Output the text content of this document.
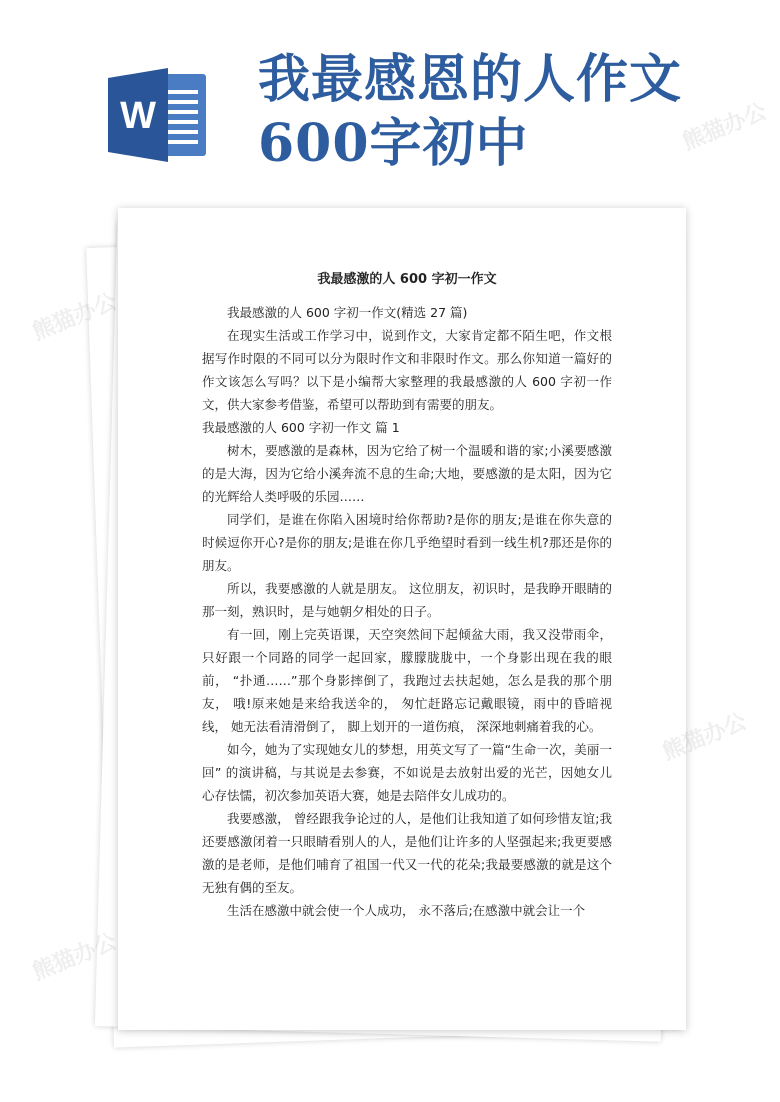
W
我最感恩的人作文
600字初中
我最感激的人 600 字初一作文

我最感激的人 600 字初一作文(精选 27 篇)

在现实生活或工作学习中，说到作文，大家肯定都不陌生吧，作文根据写作时限的不同可以分为限时作文和非限时作文。那么你知道一篇好的作文该怎么写吗？以下是小编帮大家整理的我最感激的人 600 字初一作文，供大家参考借鉴，希望可以帮助到有需要的朋友。

我最感激的人 600 字初一作文 篇 1

树木，要感激的是森林，因为它给了树一个温暖和谐的家;小溪要感激的是大海，因为它给小溪奔流不息的生命;大地，要感激的是太阳，因为它的光辉给人类呼吸的乐园……

同学们，是谁在你陷入困境时给你帮助?是你的朋友;是谁在你失意的时候逗你开心?是你的朋友;是谁在你几乎绝望时看到一线生机?那还是你的朋友。

所以，我要感激的人就是朋友。 这位朋友，初识时，是我睁开眼睛的那一刻，熟识时，是与她朝夕相处的日子。

有一回，刚上完英语课，天空突然间下起倾盆大雨，我又没带雨伞，只好跟一个同路的同学一起回家，朦朦胧胧中，一个身影出现在我的眼前， “扑通……”那个身影摔倒了，我跑过去扶起她，怎么是我的那个朋友， 哦!原来她是来给我送伞的， 匆忙赶路忘记戴眼镜，雨中的昏暗视线， 她无法看清滑倒了， 脚上划开的一道伤痕， 深深地刺痛着我的心。

如今，她为了实现她女儿的梦想，用英文写了一篇“生命一次，美丽一回” 的演讲稿，与其说是去参赛，不如说是去放射出爱的光芒，因她女儿心存怯懦，初次参加英语大赛，她是去陪伴女儿成功的。

我要感激， 曾经跟我争论过的人，是他们让我知道了如何珍惜友谊;我还要感激闭着一只眼睛看别人的人，是他们让许多的人坚强起来;我更要感激的是老师，是他们哺育了祖国一代又一代的花朵;我最要感激的就是这个无独有偶的至友。

生活在感激中就会使一个人成功， 永不落后;在感激中就会让一个

熊猫办公
熊猫办公
熊猫办公
熊猫办公
